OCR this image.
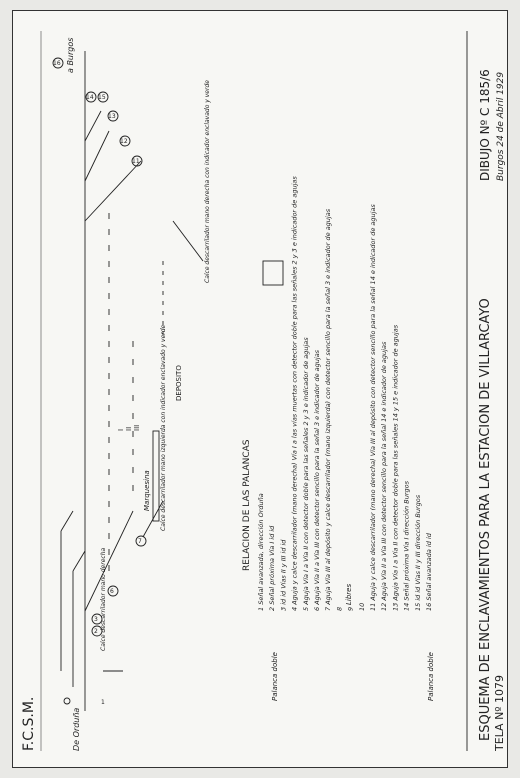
ESQUEMA DE ENCLAVAMIENTOS PARA LA ESTACION DE VILLARCAYO
DIBUJO Nº C 185/6 Burgos 24 de Abril 1929
F.C.S.M.	TELA Nº 1079
De Orduña
a Burgos
Marquesina
DEPOSITO
I II III
Calce descarrilador mano derecha
Calce descarrilador mano izquierda con indicador enclavado y verde
Calce descarrilador mano derecha con indicador enclavado y verde
1
2
3
6
7
11
12
13
14 15
16
RELACION DE LAS PALANCAS
Palanca doble	Palanca doble
Libres
1 Señal avanzada, dirección Orduña 2 Señal próxima Vía I id id 3 id id Vías II y III id id 4 Aguja y calce descarrilador (mano derecha) Vía I a las vías muertas con detector doble para las señales 2 y 3 e indicador de agujas 5 Aguja Vía I a Vía II con detector doble para las señales 2 y 3 e indicador de agujas 6 Aguja Vía II a Vía III con detector sencillo para la señal 3 e indicador de agujas 7 Aguja Vía III al depósito y calce descarrilador (mano izquierda) con detector sencillo para la señal 3 e indicador de agujas 8 9 10 11 Aguja y calce descarrilador (mano derecha) Vía III al depósito con detector sencillo para la señal 14 e indicador de agujas 12 Aguja Vía II a Vía III con detector sencillo para la señal 14 e indicador de agujas 13 Aguja Vía I a Vía II con detector doble para las señales 14 y 15 e indicador de agujas 14 Señal próxima Vía I dirección Burgos 15 id id Vías II y III dirección Burgos 16 Señal avanzada id id
